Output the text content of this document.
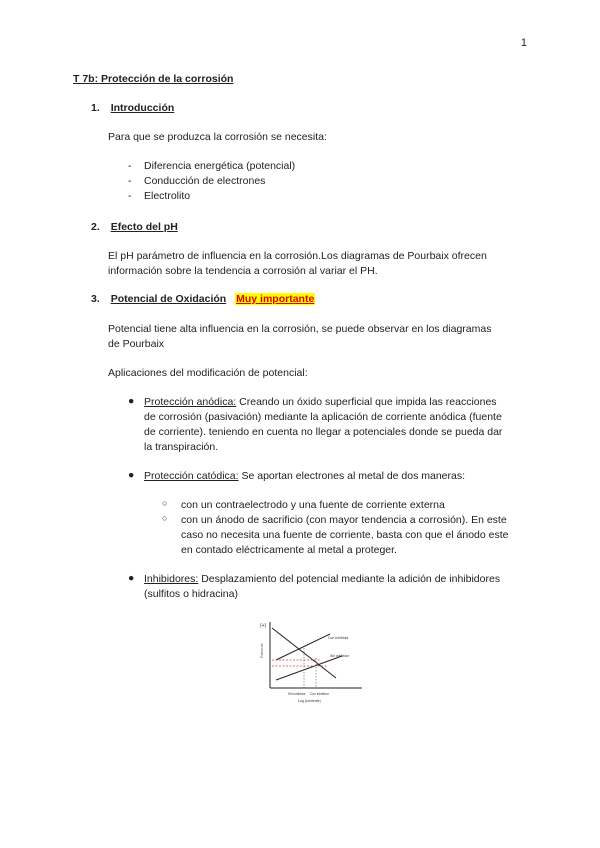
1
T 7b: Protección de la corrosión
1. Introducción
Para que se produzca la corrosión se necesita:
- Diferencia energética (potencial)
- Conducción de electrones
- Electrolito
2. Efecto del pH
El pH parámetro de influencia en la corrosión.Los diagramas de Pourbaix ofrecen
información sobre la tendencia a corrosión al variar el PH.
3. Potencial de Oxidación Muy importante
Potencial tiene alta influencia en la corrosión, se puede observar en los diagramas
de Pourbaix
Aplicaciones del modificación de potencial:
● Protección anódica: Creando un óxido superficial que impida las reacciones
de corrosión (pasivación) mediante la aplicación de corriente anódica (fuente
de corriente). teniendo en cuenta no llegar a potenciales donde se pueda dar
la transpiración.
● Protección catódica: Se aportan electrones al metal de dos maneras:
○ con un contraelectrodo y una fuente de corriente externa
○ con un ánodo de sacrificio (con mayor tendencia a corrosión). En este
caso no necesita una fuente de corriente, basta con que el ánodo este
en contado eléctricamente al metal a proteger.
● Inhibidores: Desplazamiento del potencial mediante la adición de inhibidores
(sulfitos o hidracina)
(+)
Potencial
Con inhibidor
Sin inhibidor
Sin inhibidor Con inhibidor
Log (corriente)
